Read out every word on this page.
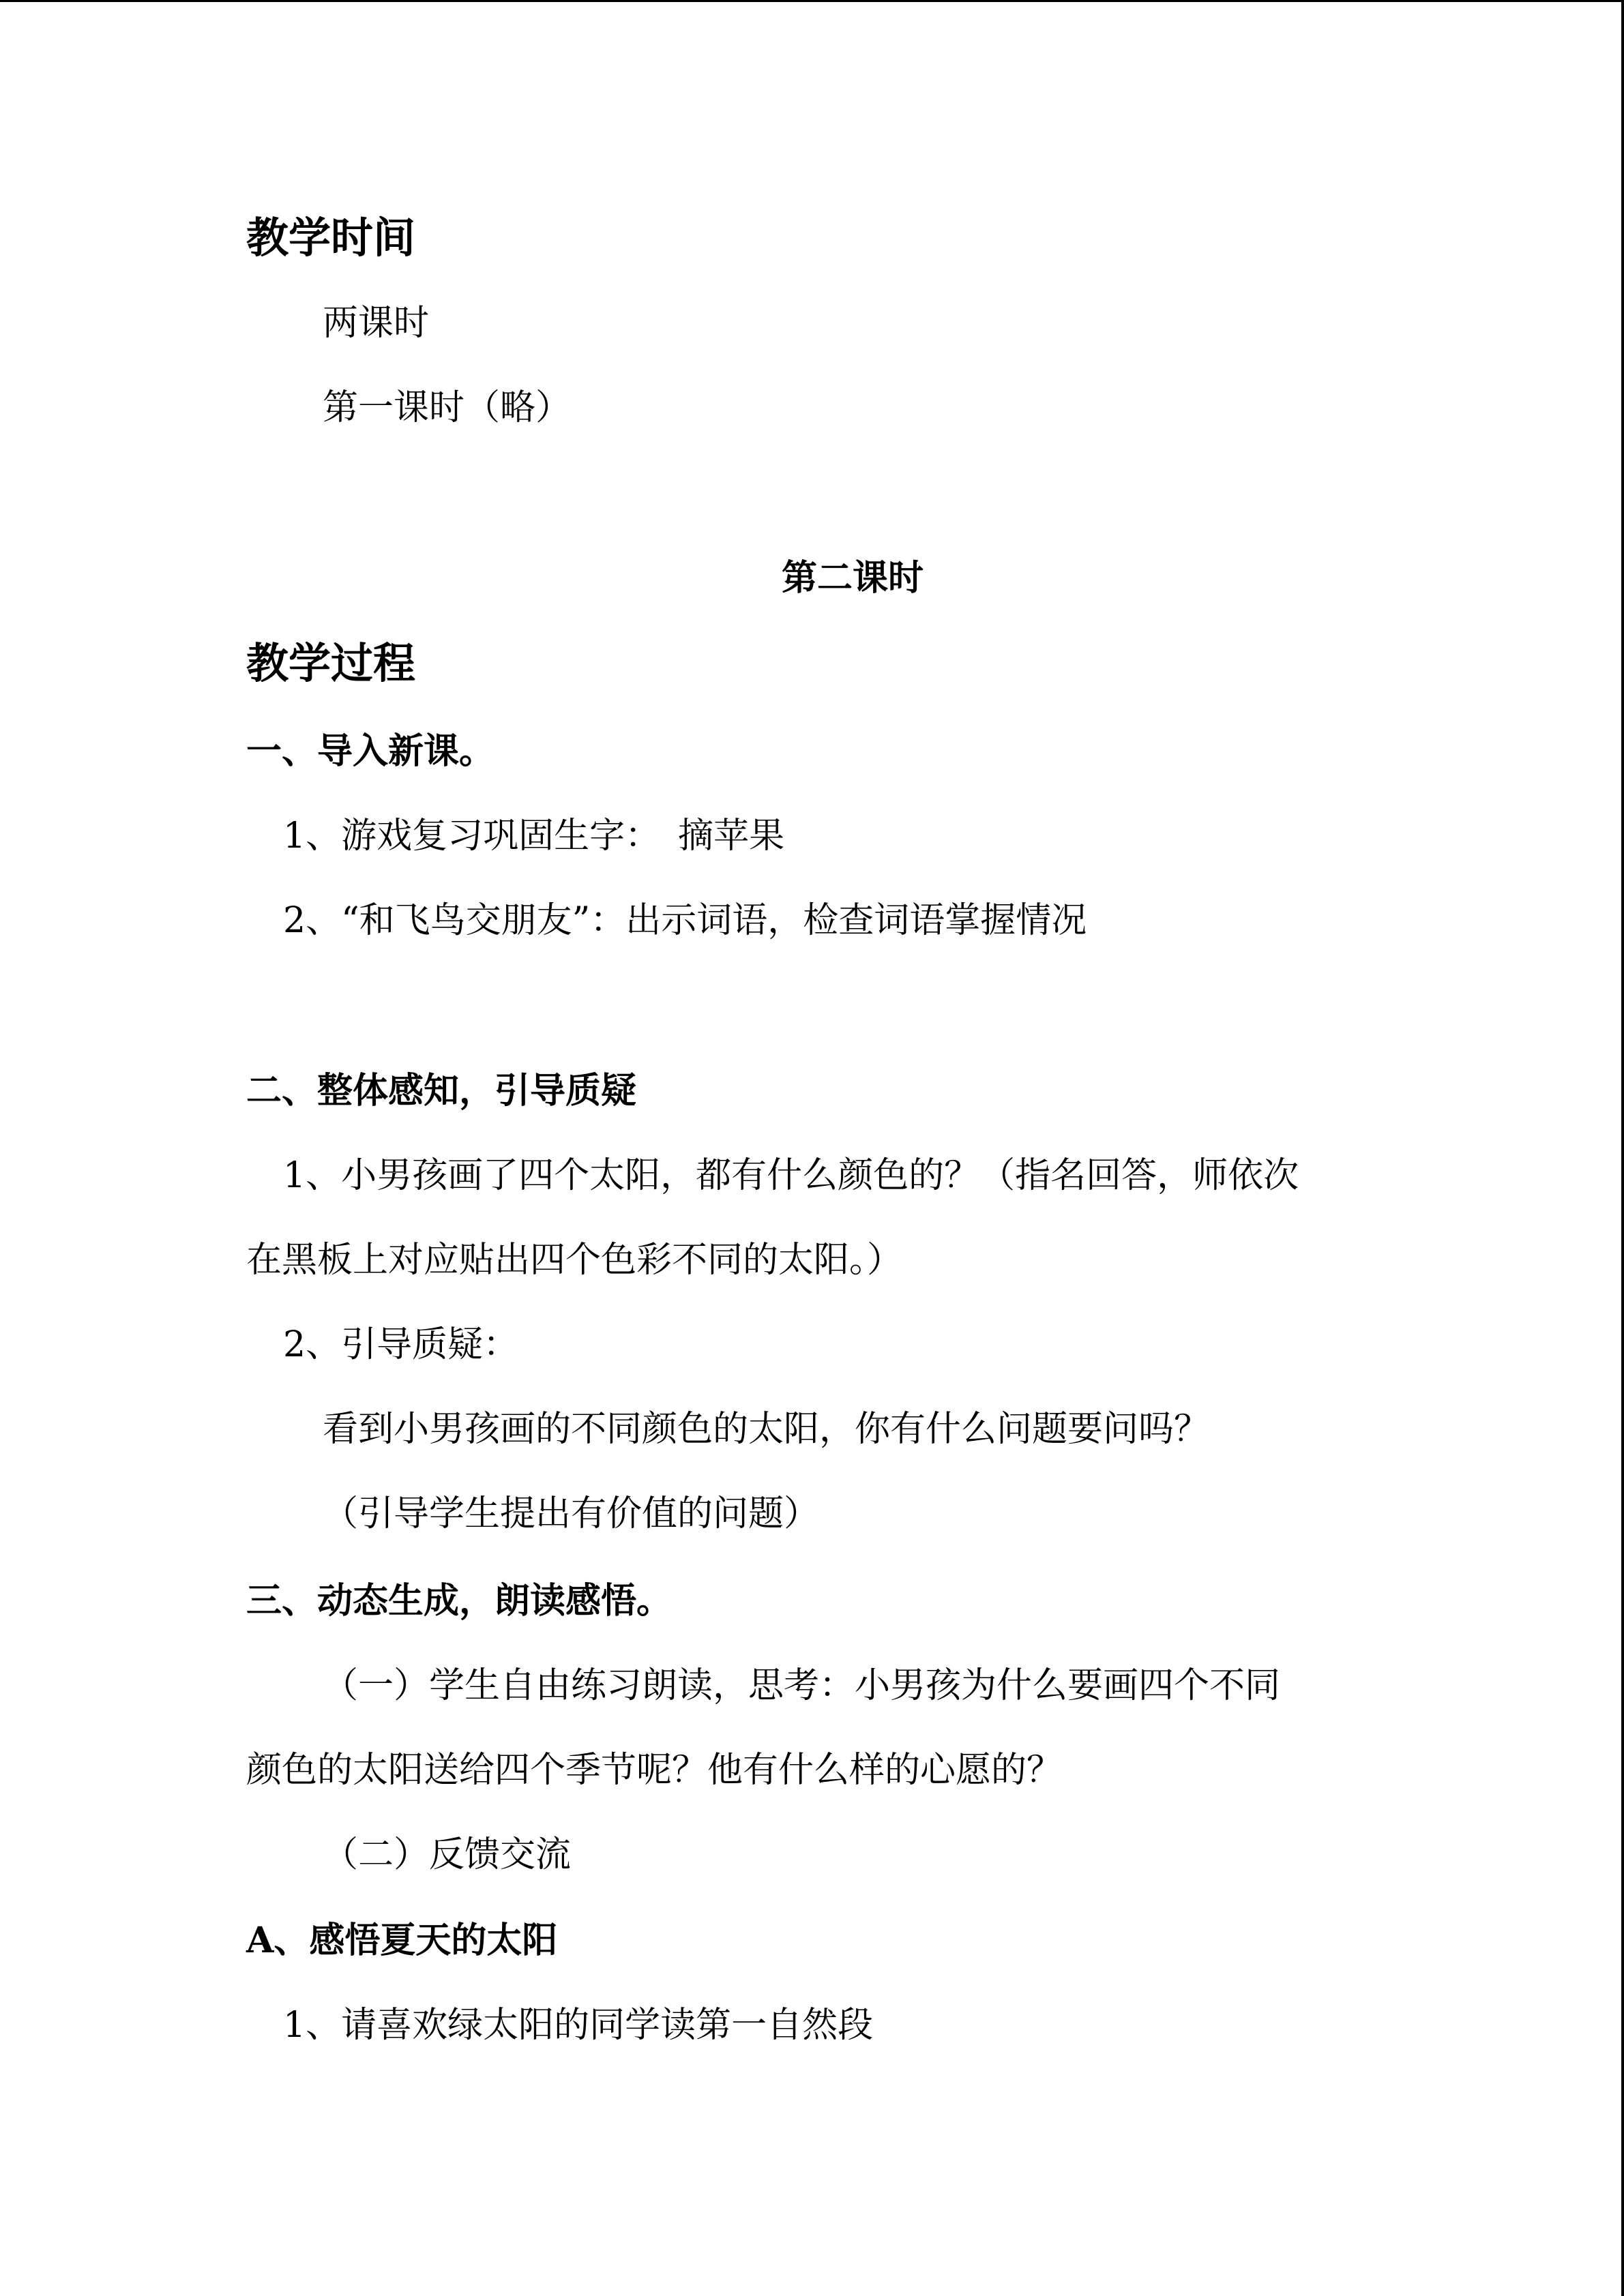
教学时间
两课时
第一课时（略）
第二课时
教学过程
一、导入新课。
1、游戏复习巩固生字：　摘苹果
2、“和飞鸟交朋友”：出示词语，检查词语掌握情况
二、整体感知，引导质疑
1、小男孩画了四个太阳，都有什么颜色的？（指名回答，师依次
在黑板上对应贴出四个色彩不同的太阳。）
2、引导质疑：
看到小男孩画的不同颜色的太阳，你有什么问题要问吗？
（引导学生提出有价值的问题）
三、动态生成，朗读感悟。
（一）学生自由练习朗读，思考：小男孩为什么要画四个不同
颜色的太阳送给四个季节呢？他有什么样的心愿的？
（二）反馈交流
A、感悟夏天的太阳
1、请喜欢绿太阳的同学读第一自然段
